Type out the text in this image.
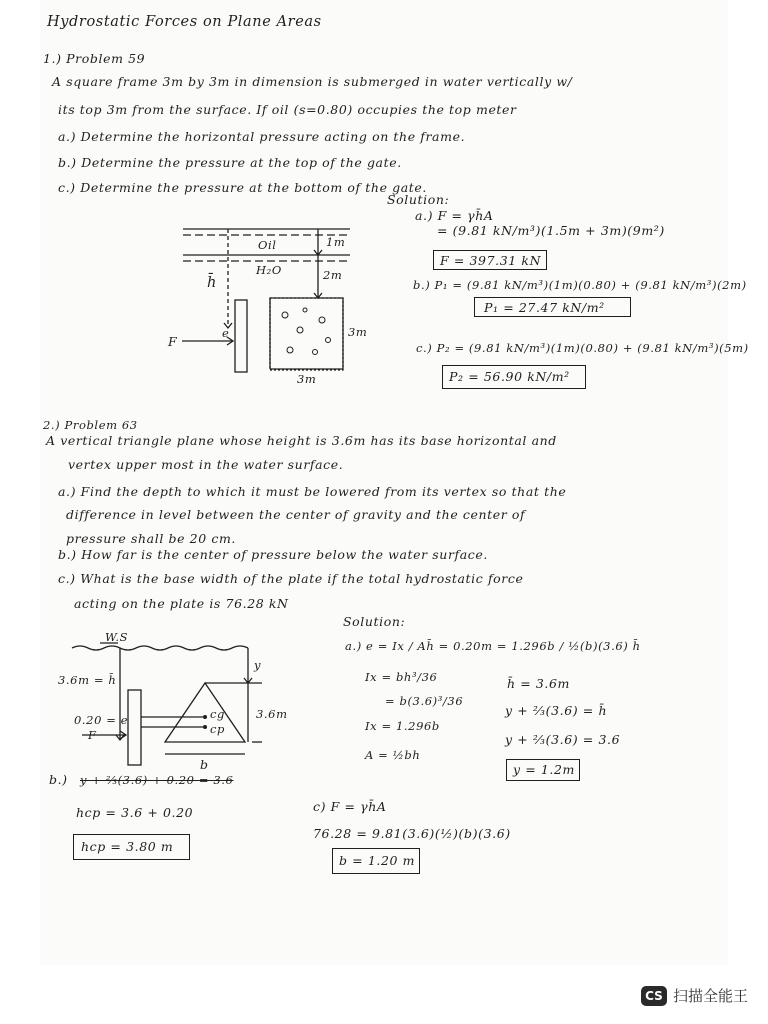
Hydrostatic Forces on Plane Areas
1.) Problem 59
A square frame 3m by 3m in dimension is submerged in water vertically w/
its top 3m from the surface. If oil (s=0.80) occupies the top meter
a.) Determine the horizontal pressure acting on the frame.
b.) Determine the pressure at the top of the gate.
c.) Determine the pressure at the bottom of the gate.
Solution:
a.) F = γh̄A
= (9.81 kN/m³)(1.5m + 3m)(9m²)
F = 397.31 kN
b.) P₁ = (9.81 kN/m³)(1m)(0.80) + (9.81 kN/m³)(2m)
P₁ = 27.47 kN/m²
c.) P₂ = (9.81 kN/m³)(1m)(0.80) + (9.81 kN/m³)(5m)
P₂ = 56.90 kN/m²
Oil
H₂O
1m
2m
3m
3m
h̄
e
F
2.) Problem 63
A vertical triangle plane whose height is 3.6m has its base horizontal and
vertex upper most in the water surface.
a.) Find the depth to which it must be lowered from its vertex so that the
difference in level between the center of gravity and the center of
pressure shall be 20 cm.
b.) How far is the center of pressure below the water surface.
c.) What is the base width of the plate if the total hydrostatic force
acting on the plate is 76.28 kN
Solution:
a.) e = Ix / Ah̄ = 0.20m = 1.296b / ½(b)(3.6) h̄
Ix = bh³/36
= b(3.6)³/36
Ix = 1.296b
A = ½bh
h̄ = 3.6m
y + ⅔(3.6) = h̄
y + ⅔(3.6) = 3.6
y = 1.2m
b.) y + ⅔(3.6) + 0.20 = 3.6
hcp = 3.6 + 0.20
hcp = 3.80 m
c) F = γh̄A
76.28 = 9.81(3.6)(½)(b)(3.6)
b = 1.20 m
W.S
3.6m = h̄
0.20 = e
F
y
cg
cp
3.6m
b
CS 扫描全能王
